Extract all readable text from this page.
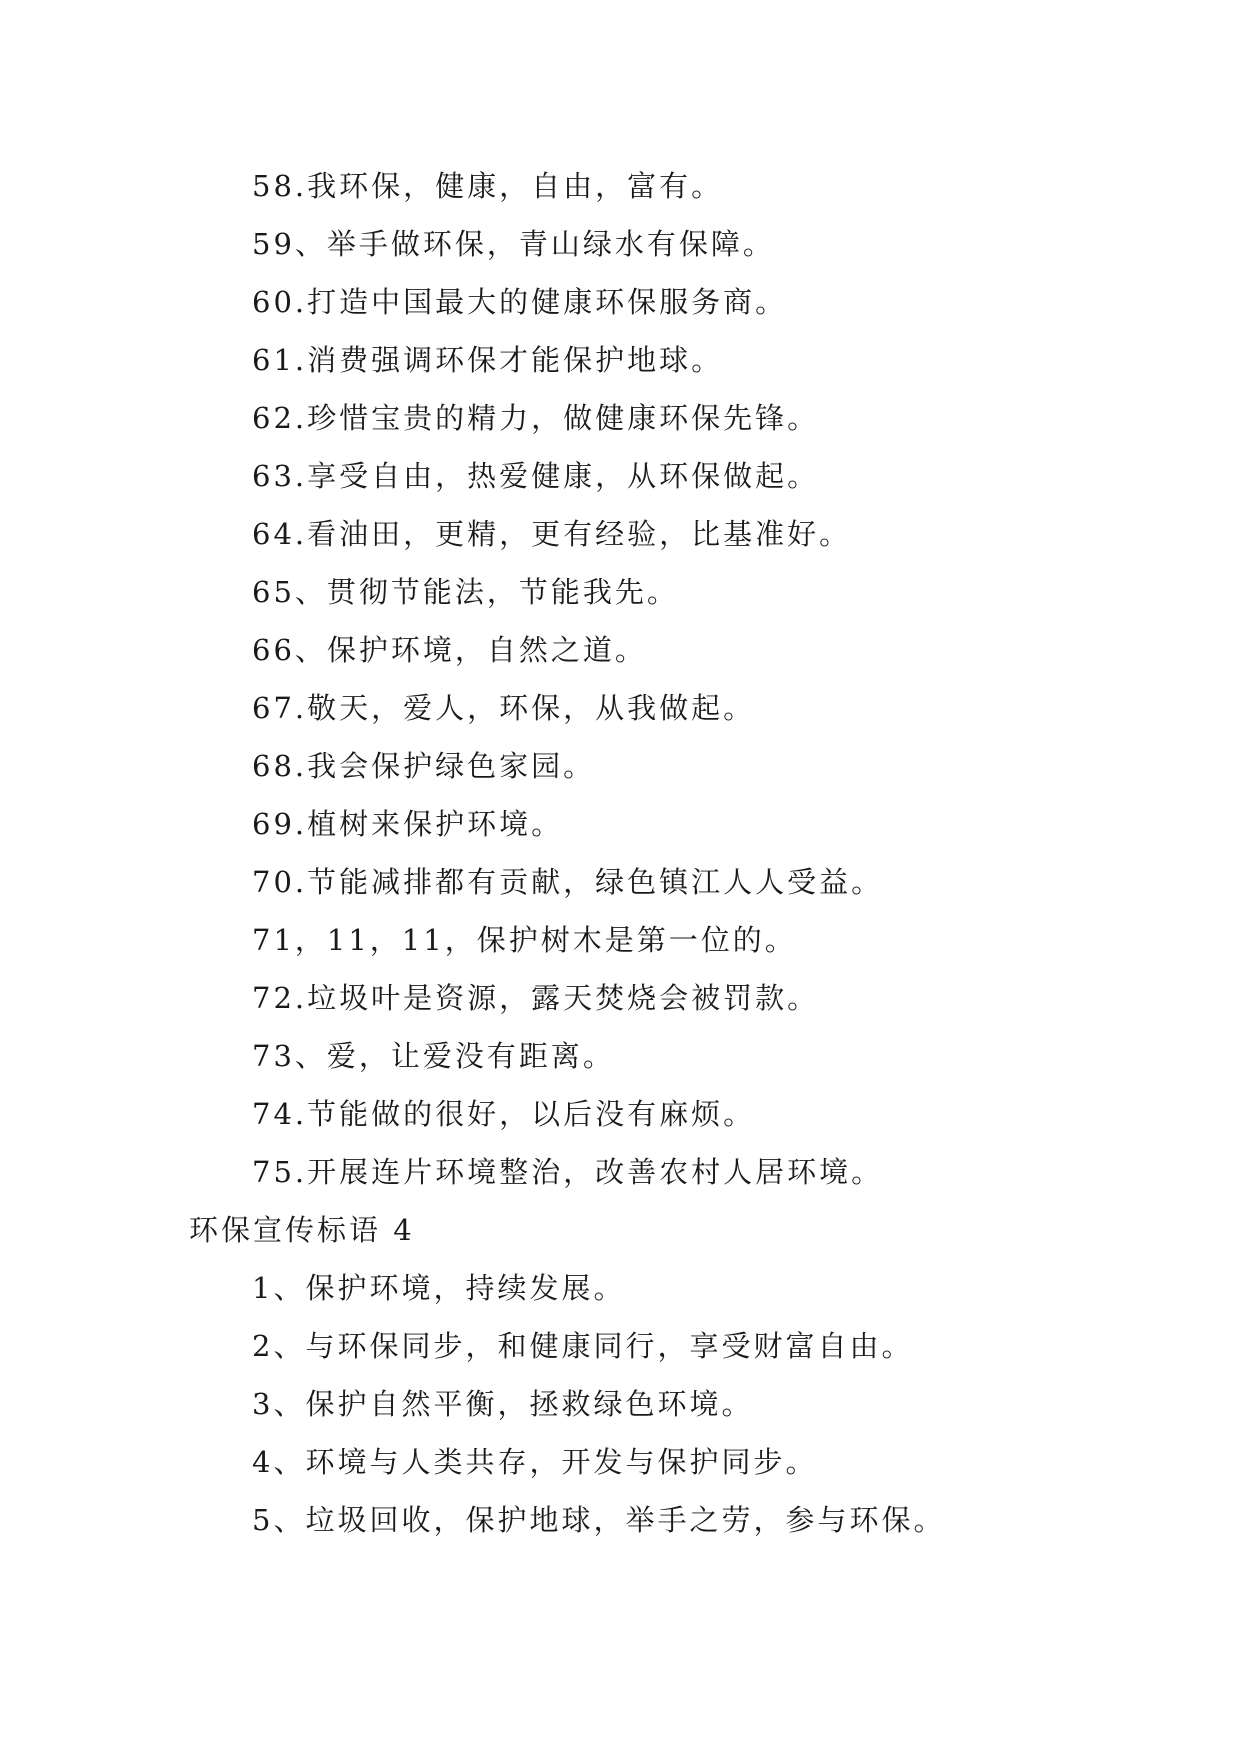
58.我环保，健康，自由，富有。
59、举手做环保，青山绿水有保障。
60.打造中国最大的健康环保服务商。
61.消费强调环保才能保护地球。
62.珍惜宝贵的精力，做健康环保先锋。
63.享受自由，热爱健康，从环保做起。
64.看油田，更精，更有经验，比基准好。
65、贯彻节能法，节能我先。
66、保护环境，自然之道。
67.敬天，爱人，环保，从我做起。
68.我会保护绿色家园。
69.植树来保护环境。
70.节能减排都有贡献，绿色镇江人人受益。
71，11，11，保护树木是第一位的。
72.垃圾叶是资源，露天焚烧会被罚款。
73、爱，让爱没有距离。
74.节能做的很好，以后没有麻烦。
75.开展连片环境整治，改善农村人居环境。
环保宣传标语 4
1、保护环境，持续发展。
2、与环保同步，和健康同行，享受财富自由。
3、保护自然平衡，拯救绿色环境。
4、环境与人类共存，开发与保护同步。
5、垃圾回收，保护地球，举手之劳，参与环保。
